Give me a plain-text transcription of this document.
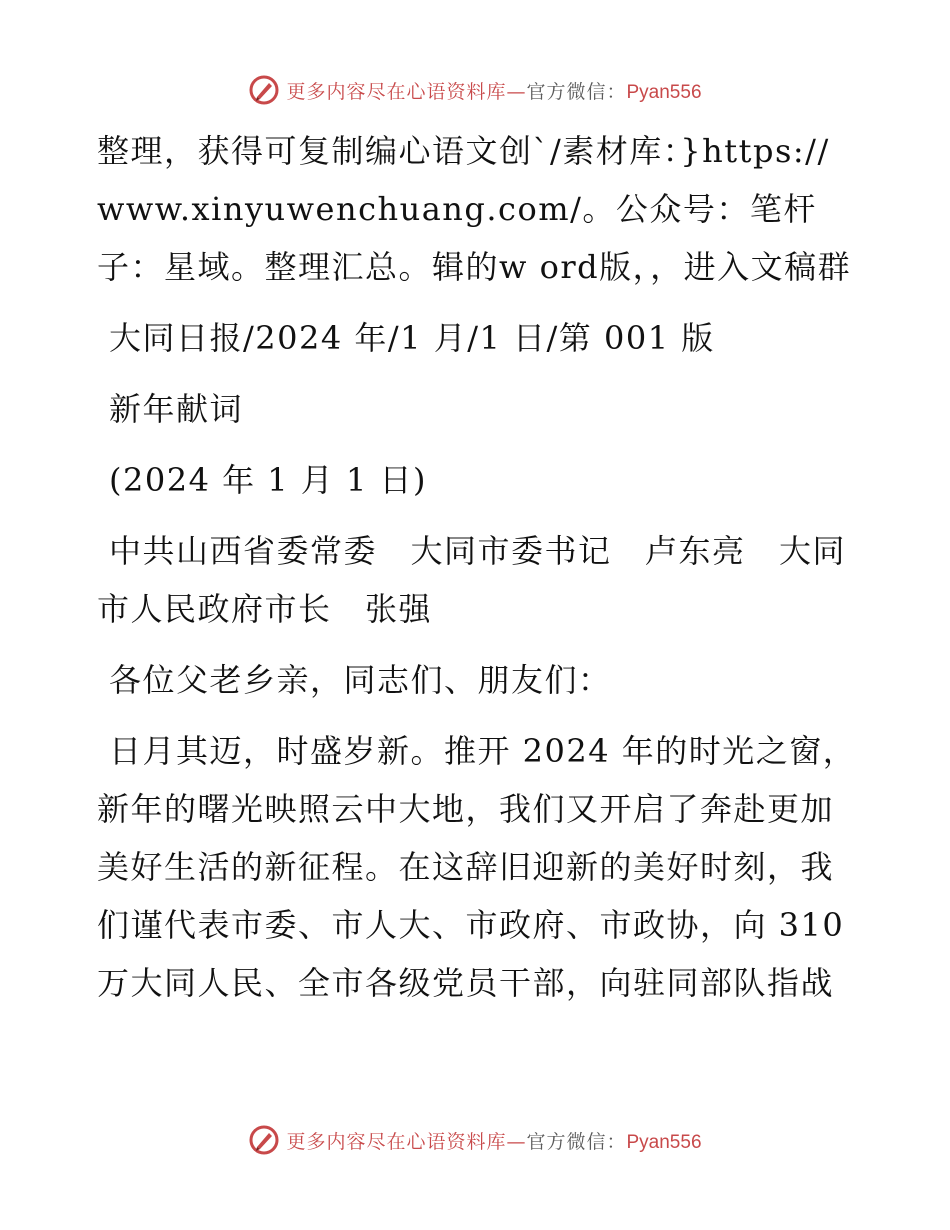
更多内容尽在心语资料库—官方微信：Pyan556

整理，获得可复制编心语文创`/素材库：}https://www.xinyuwenchuang.com/。公众号：笔杆子：星域。整理汇总。辑的w ord版，，进入文稿群

大同日报/2024 年/1 月/1 日/第 001 版

新年献词

(2024 年 1 月 1 日)

中共山西省委常委　大同市委书记　卢东亮　大同市人民政府市长　张强

各位父老乡亲，同志们、朋友们：

日月其迈，时盛岁新。推开 2024 年的时光之窗，新年的曙光映照云中大地，我们又开启了奔赴更加美好生活的新征程。在这辞旧迎新的美好时刻，我们谨代表市委、市人大、市政府、市政协，向 310 万大同人民、全市各级党员干部，向驻同部队指战

更多内容尽在心语资料库—官方微信：Pyan556
